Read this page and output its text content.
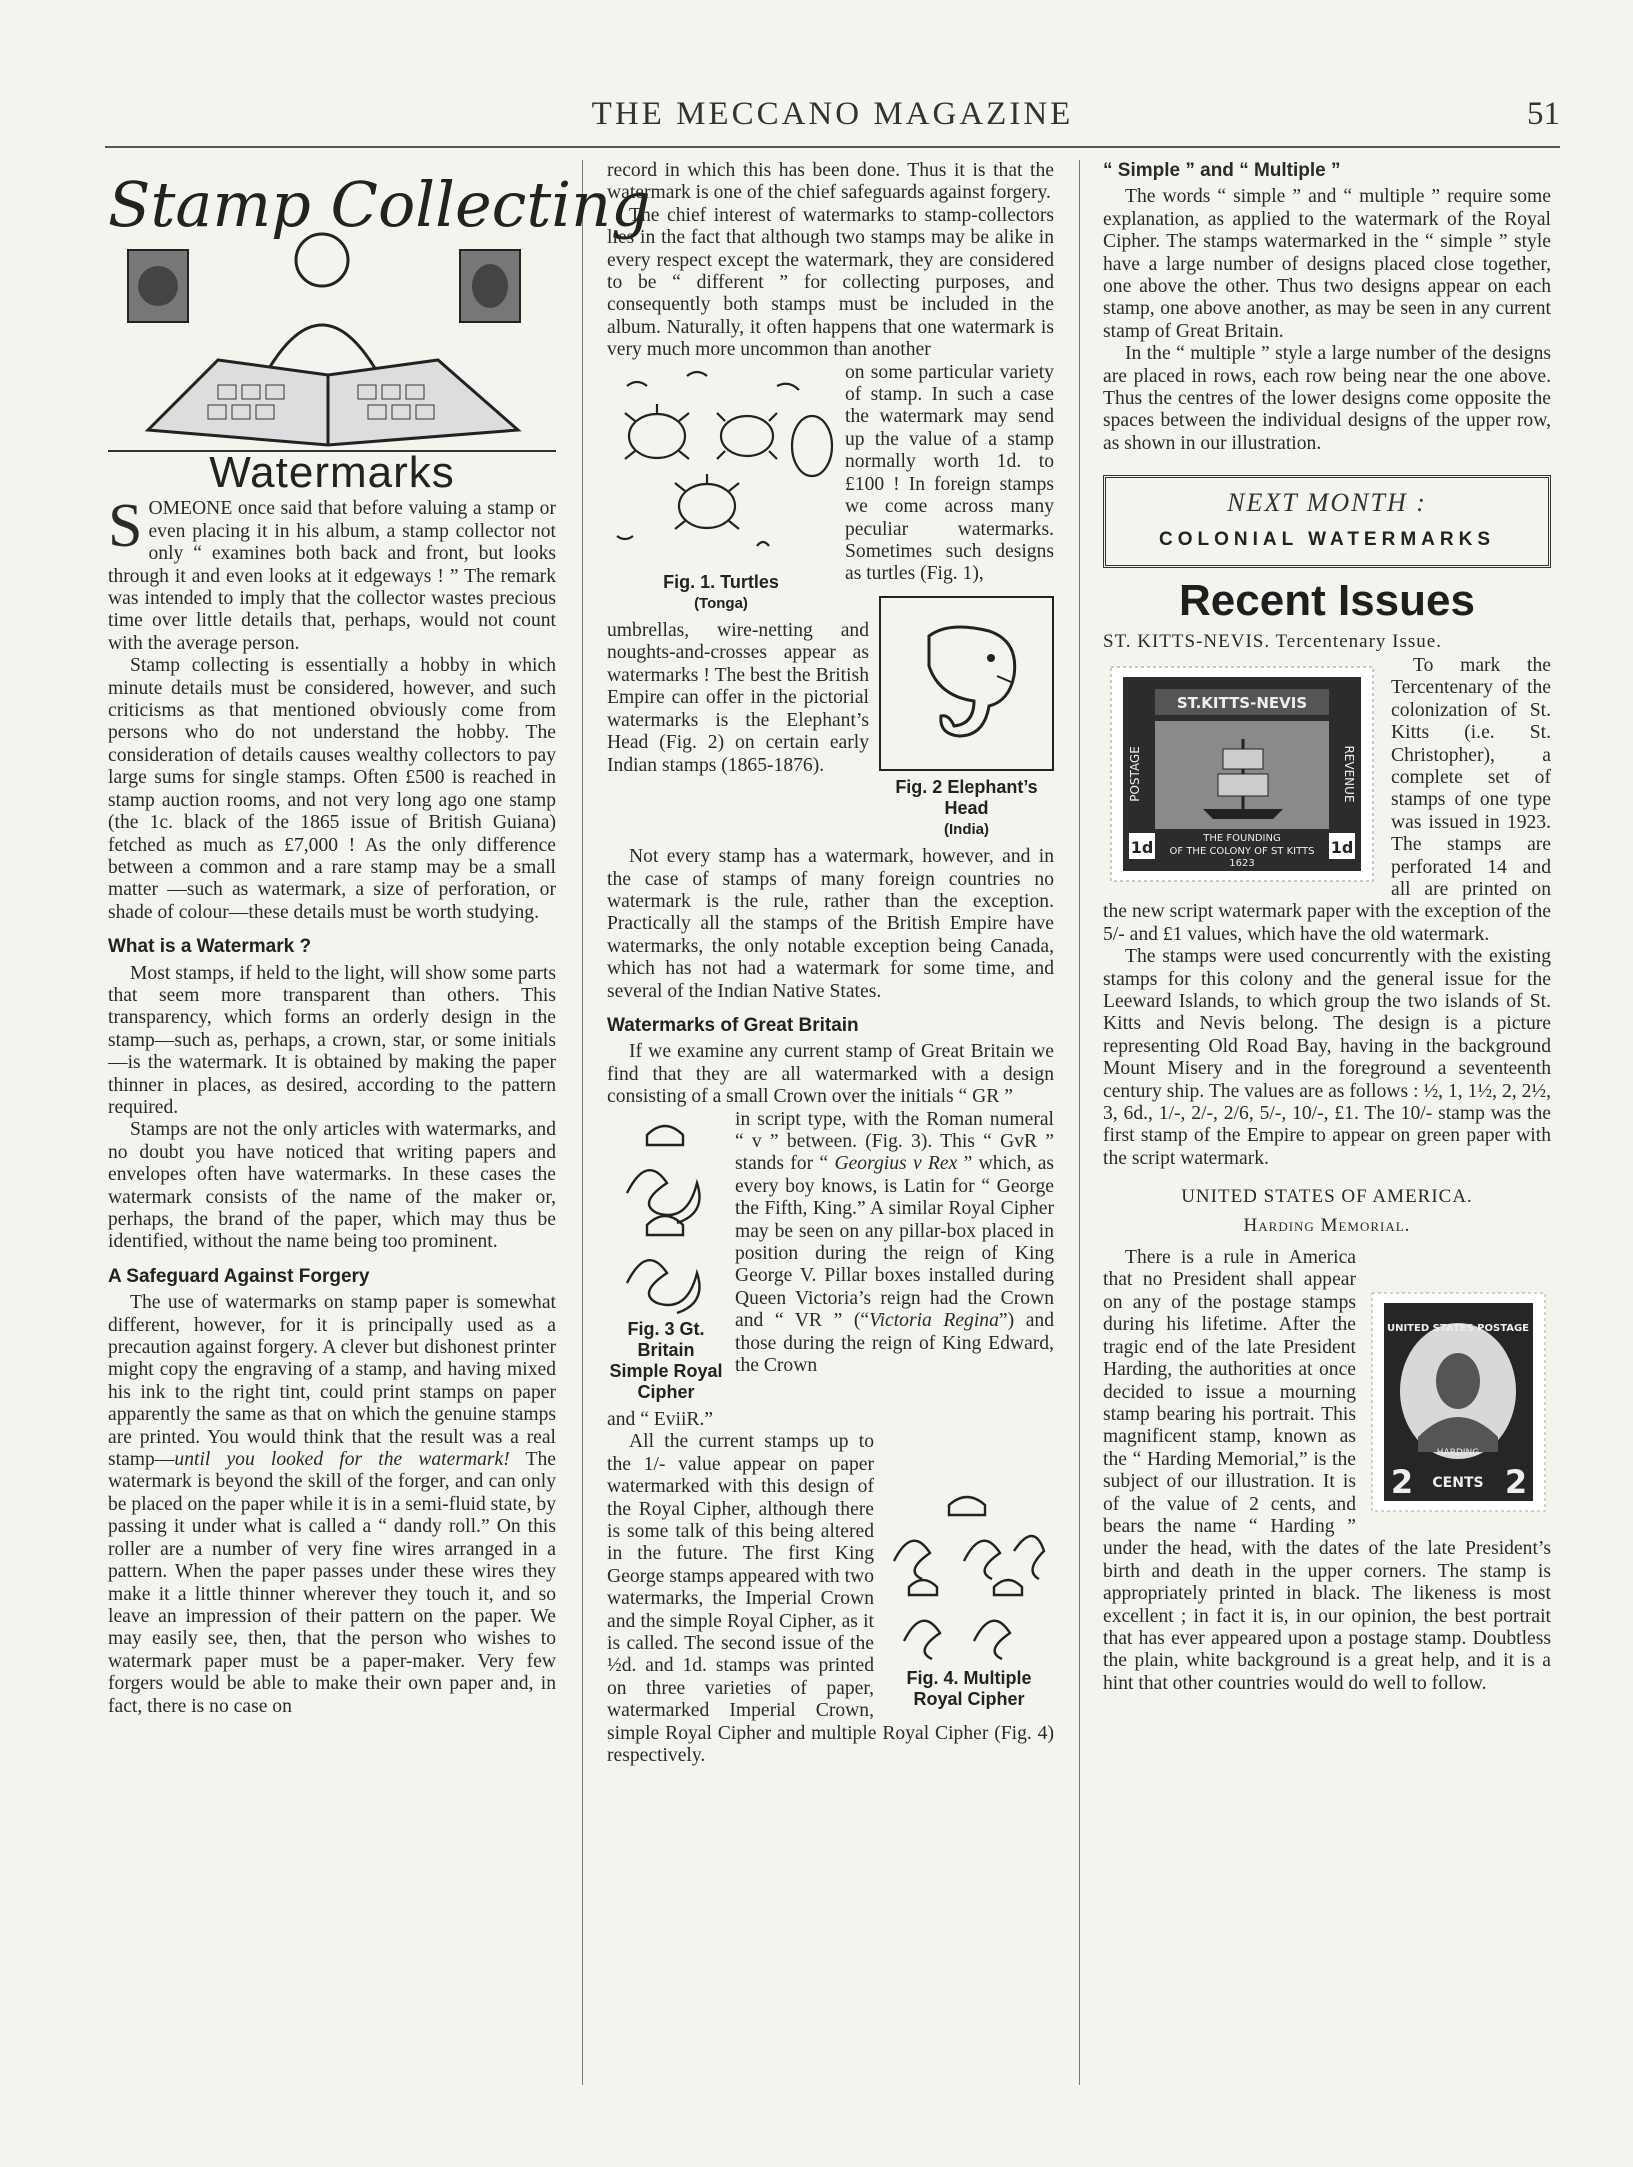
THE MECCANO MAGAZINE	51
Stamp Collecting
Watermarks
S OMEONE once said that before valuing a stamp or even placing it in his album, a stamp collector not only “ examines both back and front, but looks through it and even looks at it edgeways ! ” The remark was intended to imply that the collector wastes precious time over little details that, perhaps, would not count with the average person.

Stamp collecting is essentially a hobby in which minute details must be considered, however, and such criticisms as that mentioned obviously come from persons who do not understand the hobby. The consideration of details causes wealthy collectors to pay large sums for single stamps. Often £500 is reached in stamp auction rooms, and not very long ago one stamp (the 1c. black of the 1865 issue of British Guiana) fetched as much as £7,000 ! As the only difference between a common and a rare stamp may be a small matter —such as watermark, a size of perforation, or shade of colour—these details must be worth studying.

What is a Watermark ?

Most stamps, if held to the light, will show some parts that seem more transparent than others. This transparency, which forms an orderly design in the stamp—such as, perhaps, a crown, star, or some initials—is the watermark. It is obtained by making the paper thinner in places, as desired, according to the pattern required.

Stamps are not the only articles with watermarks, and no doubt you have noticed that writing papers and envelopes often have watermarks. In these cases the watermark consists of the name of the maker or, perhaps, the brand of the paper, which may thus be identified, without the name being too prominent.

A Safeguard Against Forgery

The use of watermarks on stamp paper is somewhat different, however, for it is principally used as a precaution against forgery. A clever but dishonest printer might copy the engraving of a stamp, and having mixed his ink to the right tint, could print stamps on paper apparently the same as that on which the genuine stamps are printed. You would think that the result was a real stamp—until you looked for the watermark! The watermark is beyond the skill of the forger, and can only be placed on the paper while it is in a semi-fluid state, by passing it under what is called a “ dandy roll.” On this roller are a number of very fine wires arranged in a pattern. When the paper passes under these wires they make it a little thinner wherever they touch it, and so leave an impression of their pattern on the paper. We may easily see, then, that the person who wishes to watermark paper must be a paper-maker. Very few forgers would be able to make their own paper and, in fact, there is no case on

record in which this has been done. Thus it is that the watermark is one of the chief safeguards against forgery.

The chief interest of watermarks to stamp-collectors lies in the fact that although two stamps may be alike in every respect except the watermark, they are considered to be “ different ” for collecting purposes, and consequently both stamps must be included in the album. Naturally, it often happens that one watermark is very much more uncommon than another

Fig. 1. Turtles
(Tonga)

on some particular variety of stamp. In such a case the watermark may send up the value of a stamp normally worth 1d. to £100 ! In foreign stamps we come across many peculiar watermarks. Sometimes such designs as turtles (Fig. 1),

Fig. 2 Elephant’s Head
(India)

umbrellas, wire-netting and noughts-and-crosses appear as watermarks ! The best the British Empire can offer in the pictorial watermarks is the Elephant’s Head (Fig. 2) on certain early Indian stamps (1865-1876).

Not every stamp has a watermark, however, and in the case of stamps of many foreign countries no watermark is the rule, rather than the exception. Practically all the stamps of the British Empire have watermarks, the only notable exception being Canada, which has not had a watermark for some time, and several of the Indian Native States.

Watermarks of Great Britain

If we examine any current stamp of Great Britain we find that they are all watermarked with a design consisting of a small Crown over the initials “ GR ”

Fig. 3 Gt. Britain Simple Royal Cipher

in script type, with the Roman numeral “ v ” between. (Fig. 3). This “ GvR ” stands for “ Georgius v Rex ” which, as every boy knows, is Latin for “ George the Fifth, King.” A similar Royal Cipher may be seen on any pillar-box placed in position during the reign of King George V. Pillar boxes installed during Queen Victoria’s reign had the Crown and “ VR ” (“Victoria Regina”) and those during the reign of King Edward, the Crown

and “ EviiR.”

Fig. 4. Multiple Royal Cipher

All the current stamps up to the 1/- value appear on paper watermarked with this design of the Royal Cipher, although there is some talk of this being altered in the future. The first King George stamps appeared with two watermarks, the Imperial Crown and the simple Royal Cipher, as it is called. The second issue of the ½d. and 1d. stamps was printed on three varieties of paper, watermarked Imperial Crown, simple Royal Cipher and multiple Royal Cipher (Fig. 4) respectively.

“ Simple ” and “ Multiple ”

The words “ simple ” and “ multiple ” require some explanation, as applied to the watermark of the Royal Cipher. The stamps watermarked in the “ simple ” style have a large number of designs placed close together, one above the other. Thus two designs appear on each stamp, one above another, as may be seen in any current stamp of Great Britain.

In the “ multiple ” style a large number of the designs are placed in rows, each row being near the one above. Thus the centres of the lower designs come opposite the spaces between the individual designs of the upper row, as shown in our illustration.

NEXT MONTH :
COLONIAL WATERMARKS
Recent Issues
ST. KITTS-NEVIS. Tercentenary Issue.
ST.KITTS-NEVIS
POSTAGE	REVENUE
1d	1d
THE FOUNDING
OF THE COLONY OF ST KITTS
1623

To mark the Tercentenary of the colonization of St. Kitts (i.e. St. Christopher), a complete set of stamps of one type was issued in 1923. The stamps are perforated 14 and all are printed on the new script watermark paper with the exception of the 5/- and £1 values, which have the old watermark.

The stamps were used concurrently with the existing stamps for this colony and the general issue for the Leeward Islands, to which group the two islands of St. Kitts and Nevis belong. The design is a picture representing Old Road Bay, having in the background Mount Misery and in the foreground a seventeenth century ship. The values are as follows : ½, 1, 1½, 2, 2½, 3, 6d., 1/-, 2/-, 2/6, 5/-, 10/-, £1. The 10/- stamp was the first stamp of the Empire to appear on green paper with the script watermark.

UNITED STATES OF AMERICA.
Harding Memorial.
UNITED STATES POSTAGE
HARDING
2	2
CENTS

There is a rule in America that no President shall appear on any of the postage stamps during his lifetime. After the tragic end of the late President Harding, the authorities at once decided to issue a mourning stamp bearing his portrait. This magnificent stamp, known as the “ Harding Memorial,” is the subject of our illustration. It is of the value of 2 cents, and bears the name “ Harding ” under the head, with the dates of the late President’s birth and death in the upper corners. The stamp is appropriately printed in black. The likeness is most excellent ; in fact it is, in our opinion, the best portrait that has ever appeared upon a postage stamp. Doubtless the plain, white background is a great help, and it is a hint that other countries would do well to follow.
